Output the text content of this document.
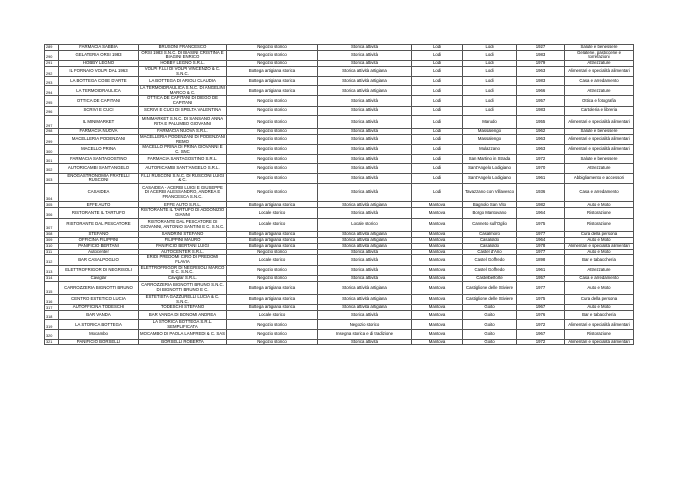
289	FARMACIA SABBIA	BRUSONI FRANCESCO	Negozio storico	Storica attività	Lodi	Lodi	1927	Salute e benessere
290	GELATERIA ORSI 1983	ORSI 1983 S.N.C. DI BIASINI CRISTINA E BIAGINI ENRICO	Negozio storico	Storica attività	Lodi	Lodi	1983	Gelaterie, pasticcerie e torrefazioni
291	HOBBY LEGNO	HOBBY LEGNO S.R.L.	Negozio storico	Storica attività	Lodi	Lodi	1979	Attrezzature
292	IL FORNAIO VOLPI DAL 1963	VOLPI F.LLI DI VOLPI VINCENZO & C. S.N.C.	Bottega artigiana storica	Storica attività artigiana	Lodi	Lodi	1963	Alimentari e specialità alimentari
293	LA BOTTEGA COSE D'ARTE	LA BOTTEGA DI ARIOLI CLAUDIA	Bottega artigiana storica	Storica attività artigiana	Lodi	Lodi	1983	Casa e arredamento
294	LA TERMOIDRAULICA	LA TERMOIDRAULICA S.N.C. DI ANGELINI MARCO & C.	Bottega artigiana storica	Storica attività artigiana	Lodi	Lodi	1966	Attrezzature
295	OTTICA DE CAPITANI	OTTICA DE CAPITANI DI DIEGO DE CAPITANI	Negozio storico	Storica attività	Lodi	Lodi	1957	Ottica e fotografia
296	SCRIVI E CUCI	SCRIVI E CUCI DI SPELTA VALENTINA	Negozio storico	Storica attività	Lodi	Lodi	1983	Cartoleria e libreria
297	IL MINIMARKET	MINIMARKET S.N.C. DI SANSANO ANNA RITA E PALUMBO GIOVANNI	Negozio storico	Storica attività	Lodi	Marudo	1955	Alimentari e specialità alimentari
298	FARMACIA NUOVA	FARMACIA NUOVA S.R.L.	Negozio storico	Storica attività	Lodi	Massalengo	1962	Salute e benessere
299	MACELLERIA PODENZANI	MACELLERIA PODENZANI DI PODENZANI REMO	Negozio storico	Storica attività	Lodi	Massalengo	1963	Alimentari e specialità alimentari
300	MACELLO PRINA	MACELLO PRINA DI PRINA GIOVANNI E C. SNC	Negozio storico	Storica attività	Lodi	Mulazzano	1963	Alimentari e specialità alimentari
301	FARMACIA SANTAGOSTINO	FARMACIA SANTAGOSTINO S.R.L.	Negozio storico	Storica attività	Lodi	San Martino in Strada	1972	Salute e benessere
302	AUTORICAMBI SANT'ANGELO	AUTORICAMBI SANT'ANGELO S.R.L.	Negozio storico	Storica attività	Lodi	Sant'Angelo Lodigiano	1970	Attrezzature
303	ENOGASTRONOMIA FRATELLI RUSCONI	F.LLI RUSCONI S.N.C. DI RUSCONI LUIGI & C.	Negozio storico	Storica attività	Lodi	Sant'Angelo Lodigiano	1961	Abbigliamento e accessori
304	CASAIDEA	CASAIDEA - ACERBI LUIGI E GIUSEPPE DI ACERBI ALESSANDRO, ANDREA E FRANCESCA S.N.C.	Negozio storico	Storica attività	Lodi	Tavazzano con Villavesco	1936	Casa e arredamento
305	EFFE AUTO	EFFE AUTO S.R.L.	Bottega artigiana storica	Storica attività artigiana	Mantova	Bagnolo San Vito	1982	Auto e Moto
306	RISTORANTE IL TARTUFO	RISTORANTE IL TARTUFO DI ADDONIZIO GIANNI	Locale storico	Storica attività	Mantova	Borgo Mantovano	1964	Ristorazione
307	RISTORANTE DAL PESCATORE	RISTORANTE DAL PESCATORE DI GIOVANNI, ANTONIO SANTINI E C. S.N.C.	Locale storico	Locale storico	Mantova	Canneto sull'Oglio	1975	Ristorazione
308	STEFANO	SANDRINI STEFANO	Bottega artigiana storica	Storica attività artigiana	Mantova	Casalmoro	1977	Cura della persona
309	OFFICINA FILIPPINI	FILIPPINI MAURO	Bottega artigiana storica	Storica attività artigiana	Mantova	Casaloldo	1964	Auto e Moto
310	PANIFICIO BERTANI	PANIFICIO BERTANI LUIGI	Bottega artigiana storica	Storica attività artigiana	Mantova	Casaloldo	1978	Alimentari e specialità alimentari
311	Autocenter	AUTOCENTER S.R.L.	Negozio storico	Storica attività	Mantova	Castel d'Ario	1977	Auto e Moto
312	BAR CASALPOGLIO	ERIDI PREDOMI CIRO DI PREDOMI FLAVIA	Locale storico	Storica attività	Mantova	Castel Goffredo	1898	Bar e tabaccheria
313	ELETTROFRIGOR DI NEGRISOLI	ELETTROFRIGOR DI NEGRISOLI MARCO E C. S.N.C.	Negozio storico	Storica attività	Mantova	Castel Goffredo	1961	Attrezzature
314	Caviglar	Caviglar S.R.L.	Negozio storico	Storica attività	Mantova	Castelbelforte	1957	Casa e arredamento
315	CARROZZERIA BIGNOTTI BRUNO	CARROZZERIA BIGNOTTI BRUNO S.N.C. DI BIGNOTTI BRUNO E C.	Bottega artigiana storica	Storica attività artigiana	Mantova	Castiglione delle Stiviere	1977	Auto e Moto
316	CENTRO ESTETICO LUCIA	ESTETISTA GAZZURELLI LUCIA & C. S.N.C.	Bottega artigiana storica	Storica attività artigiana	Mantova	Castiglione delle Stiviere	1975	Cura della persona
317	AUTOFFICINA TODESCHI	TODESCHI STEFANO	Bottega artigiana storica	Storica attività artigiana	Mantova	Goito	1967	Auto e Moto
318	BAR VANDA	BAR VANDA DI BONOMI ANDREA	Locale storico	Storica attività	Mantova	Goito	1976	Bar e tabaccheria
319	LA STORICA BOTTEGA	LA STORICA BOTTEGA S.R.L. SEMPLIFICATA	Negozio storico	Negozio storico	Mantova	Goito	1972	Alimentari e specialità alimentari
320	Mocambo	MOCAMBO DI PAOLA LANFREDI & C. SAS	Negozio storico	Insegna storica e di tradizione	Mantova	Goito	1967	Ristorazione
321	PANIFICIO BORSELLI	BORSELLI ROBERTA	Negozio storico	Storica attività	Mantova	Goito	1972	Alimentari e specialità alimentari
